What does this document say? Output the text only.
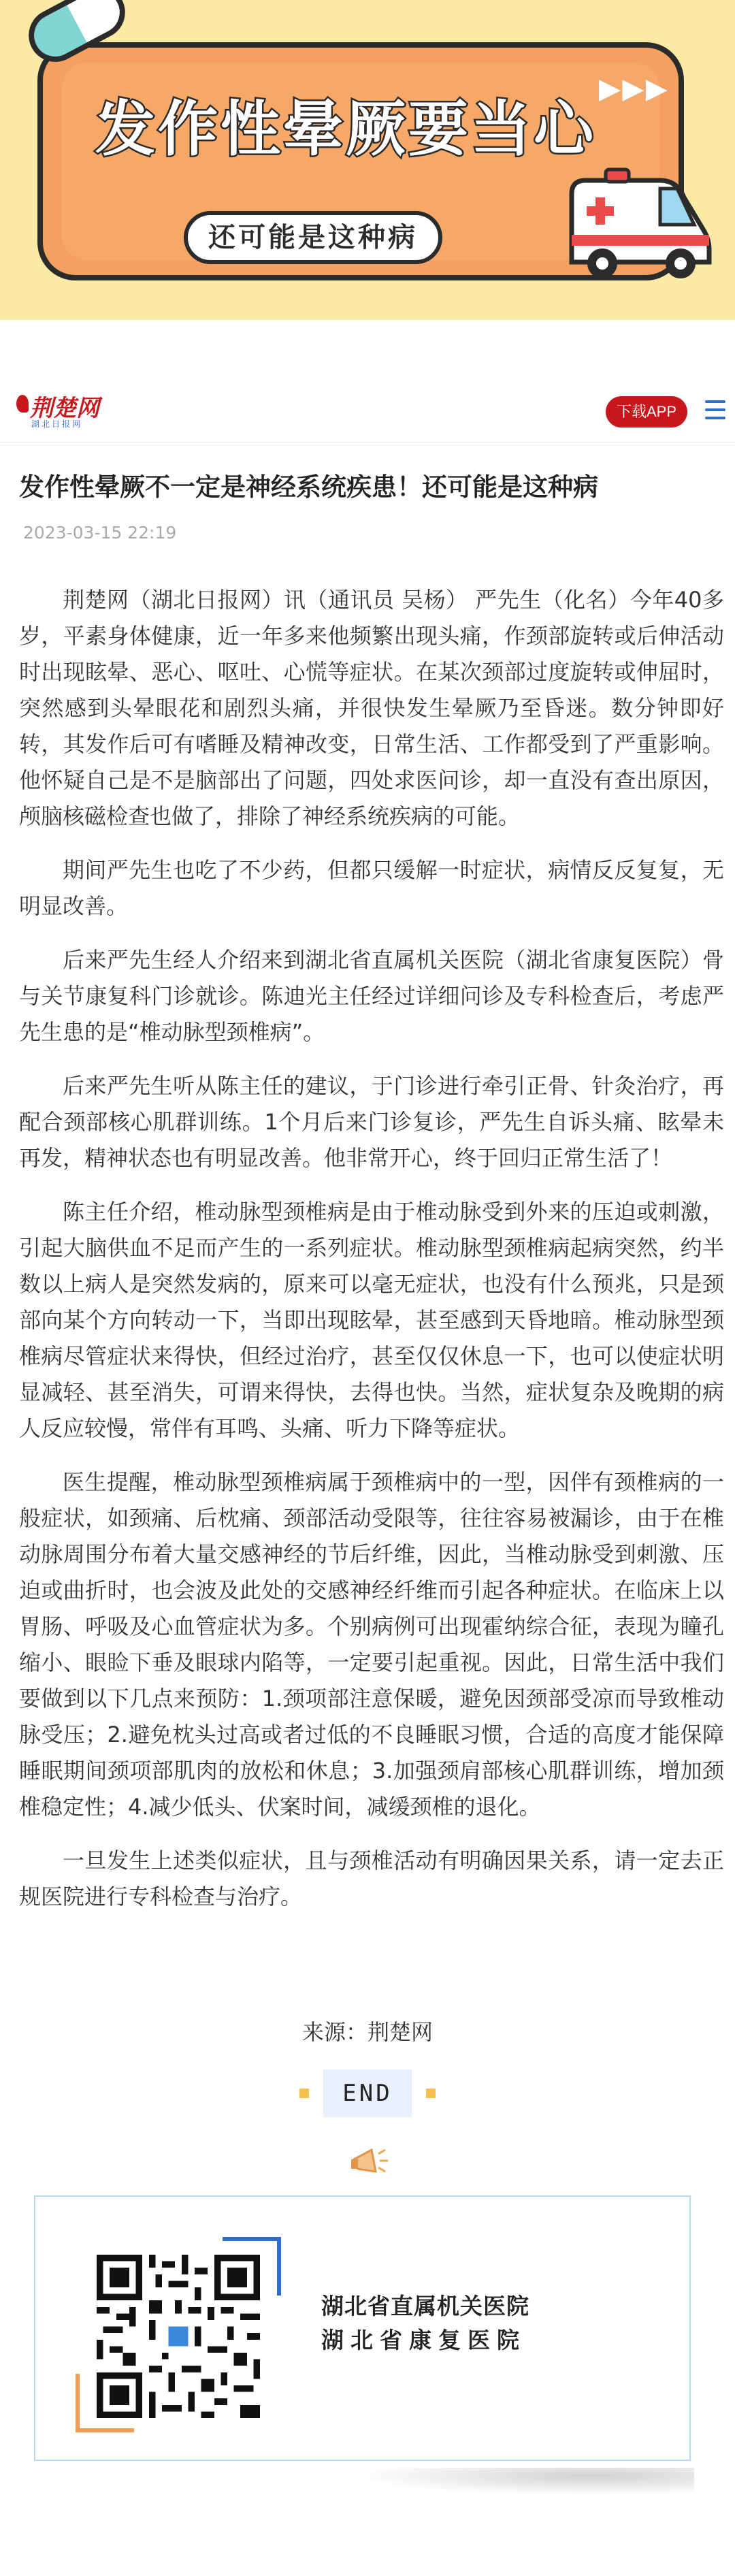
▶▶▶
发作性晕厥要当心
还可能是这种病
荆楚网
湖北日报网
下载APP
发作性晕厥不一定是神经系统疾患！还可能是这种病
2023-03-15 22:19

荆楚网（湖北日报网）讯（通讯员 吴杨） 严先生（化名）今年40多岁，平素身体健康，近一年多来他频繁出现头痛，作颈部旋转或后伸活动时出现眩晕、恶心、呕吐、心慌等症状。在某次颈部过度旋转或伸屈时，突然感到头晕眼花和剧烈头痛，并很快发生晕厥乃至昏迷。数分钟即好转，其发作后可有嗜睡及精神改变，日常生活、工作都受到了严重影响。他怀疑自己是不是脑部出了问题，四处求医问诊，却一直没有查出原因，颅脑核磁检查也做了，排除了神经系统疾病的可能。

期间严先生也吃了不少药，但都只缓解一时症状，病情反反复复，无明显改善。

后来严先生经人介绍来到湖北省直属机关医院（湖北省康复医院）骨与关节康复科门诊就诊。陈迪光主任经过详细问诊及专科检查后，考虑严先生患的是“椎动脉型颈椎病”。

后来严先生听从陈主任的建议，于门诊进行牵引正骨、针灸治疗，再配合颈部核心肌群训练。1个月后来门诊复诊，严先生自诉头痛、眩晕未再发，精神状态也有明显改善。他非常开心，终于回归正常生活了！

陈主任介绍，椎动脉型颈椎病是由于椎动脉受到外来的压迫或刺激，引起大脑供血不足而产生的一系列症状。椎动脉型颈椎病起病突然，约半数以上病人是突然发病的，原来可以毫无症状，也没有什么预兆，只是颈部向某个方向转动一下，当即出现眩晕，甚至感到天昏地暗。椎动脉型颈椎病尽管症状来得快，但经过治疗，甚至仅仅休息一下，也可以使症状明显减轻、甚至消失，可谓来得快，去得也快。当然，症状复杂及晚期的病人反应较慢，常伴有耳鸣、头痛、听力下降等症状。

医生提醒，椎动脉型颈椎病属于颈椎病中的一型，因伴有颈椎病的一般症状，如颈痛、后枕痛、颈部活动受限等，往往容易被漏诊，由于在椎动脉周围分布着大量交感神经的节后纤维，因此，当椎动脉受到刺激、压迫或曲折时，也会波及此处的交感神经纤维而引起各种症状。在临床上以胃肠、呼吸及心血管症状为多。个别病例可出现霍纳综合征，表现为瞳孔缩小、眼睑下垂及眼球内陷等，一定要引起重视。因此，日常生活中我们要做到以下几点来预防：1.颈项部注意保暖，避免因颈部受凉而导致椎动脉受压；2.避免枕头过高或者过低的不良睡眠习惯，合适的高度才能保障睡眠期间颈项部肌肉的放松和休息；3.加强颈肩部核心肌群训练，增加颈椎稳定性；4.减少低头、伏案时间，减缓颈椎的退化。

一旦发生上述类似症状，且与颈椎活动有明确因果关系，请一定去正规医院进行专科检查与治疗。

来源：荆楚网
END
湖北省直属机关医院
湖北省康复医院
